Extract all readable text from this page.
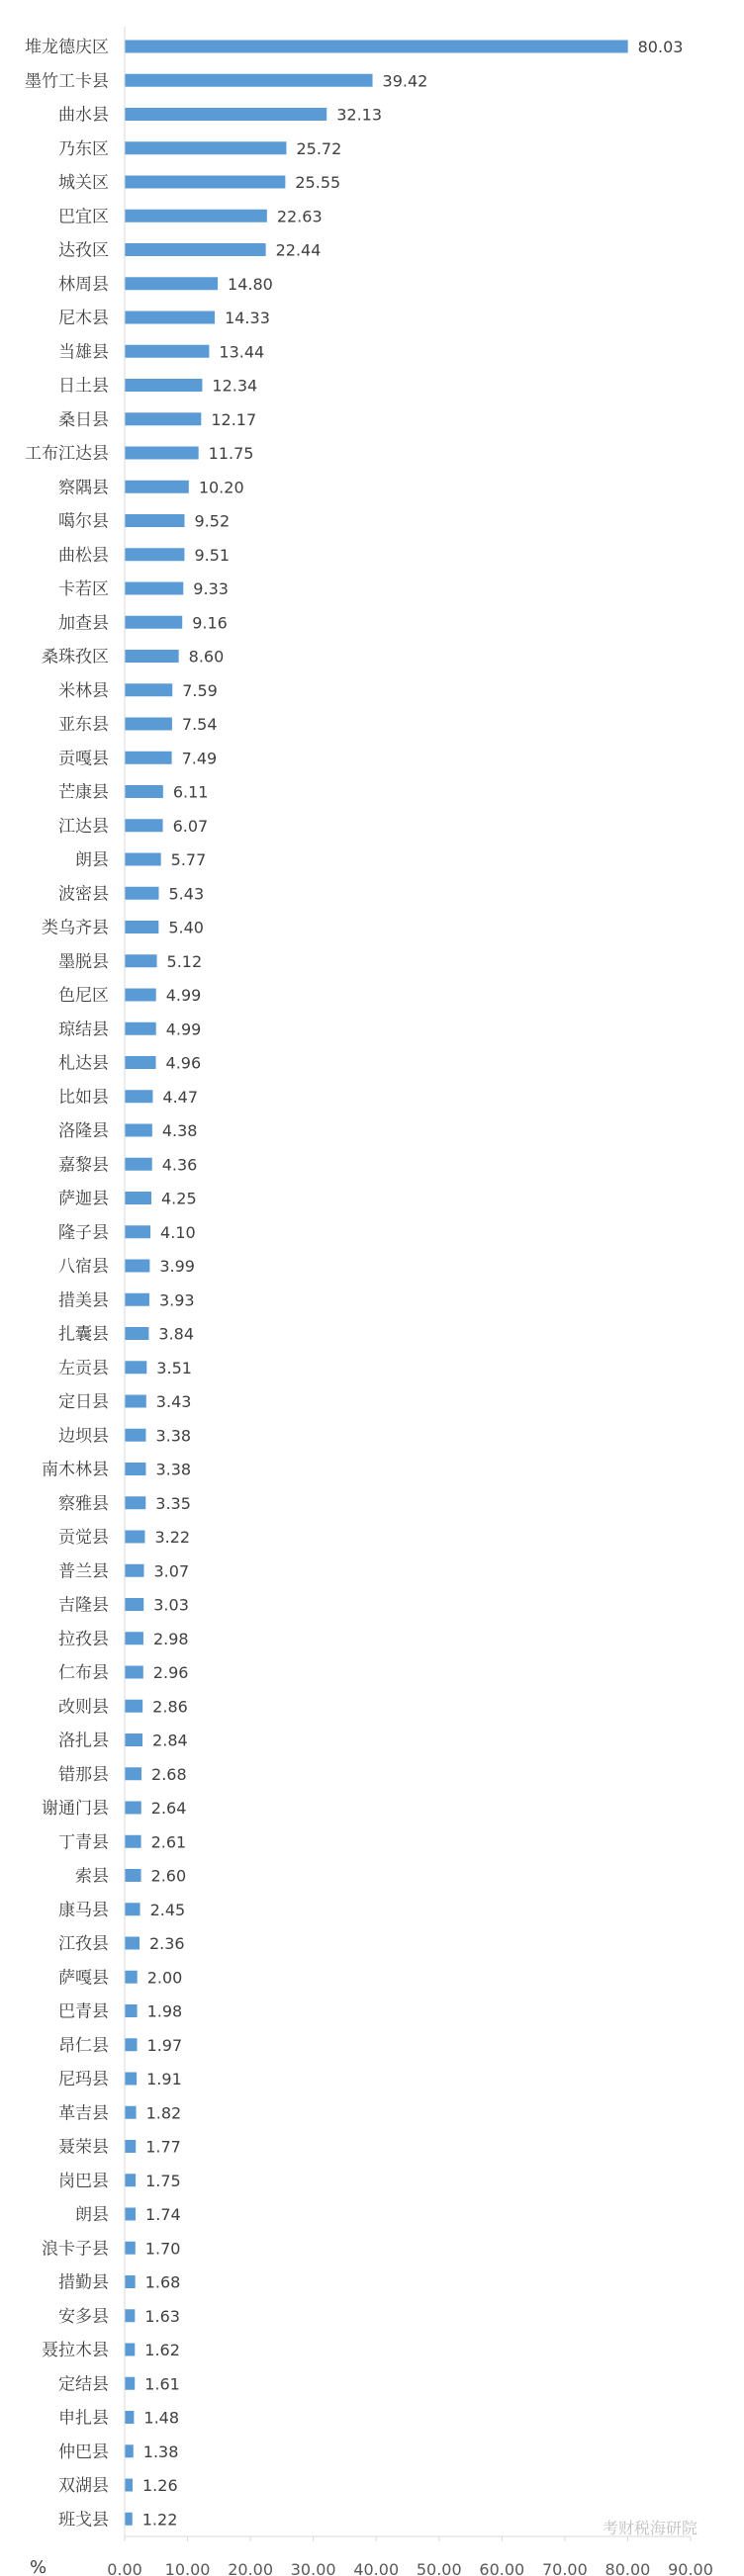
堆龙德庆区
墨竹工卡县
曲水县
乃东区
城关区
巴宜区
达孜区
林周县
尼木县
当雄县
日土县
桑日县
工布江达县
察隅县
噶尔县
曲松县
卡若区
加查县
桑珠孜区
米林县
亚东县
贡嘎县
芒康县
江达县
朗县
波密县
类乌齐县
墨脱县
色尼区
琼结县
札达县
比如县
洛隆县
嘉黎县
萨迦县
隆子县
八宿县
措美县
扎囊县
左贡县
定日县
边坝县
南木林县
察雅县
贡觉县
普兰县
吉隆县
拉孜县
仁布县
改则县
洛扎县
错那县
谢通门县
丁青县
索县
康马县
江孜县
萨嘎县
巴青县
昂仁县
尼玛县
革吉县
聂荣县
岗巴县
朗县
浪卡子县
措勤县
安多县
聂拉木县
定结县
申扎县
仲巴县
双湖县
班戈县
80.03
39.42
32.13
25.72
25.55
22.63
22.44
14.80
14.33
13.44
12.34
12.17
11.75
10.20
9.52
9.51
9.33
9.16
8.60
7.59
7.54
7.49
6.11
6.07
5.77
5.43
5.40
5.12
4.99
4.99
4.96
4.47
4.38
4.36
4.25
4.10
3.99
3.93
3.84
3.51
3.43
3.38
3.38
3.35
3.22
3.07
3.03
2.98
2.96
2.86
2.84
2.68
2.64
2.61
2.60
2.45
2.36
2.00
1.98
1.97
1.91
1.82
1.77
1.75
1.74
1.70
1.68
1.63
1.62
1.61
1.48
1.38
1.26
1.22
0.00 10.00 20.00 30.00 40.00 50.00 60.00 70.00 80.00 90.00
%
考财税海研院
